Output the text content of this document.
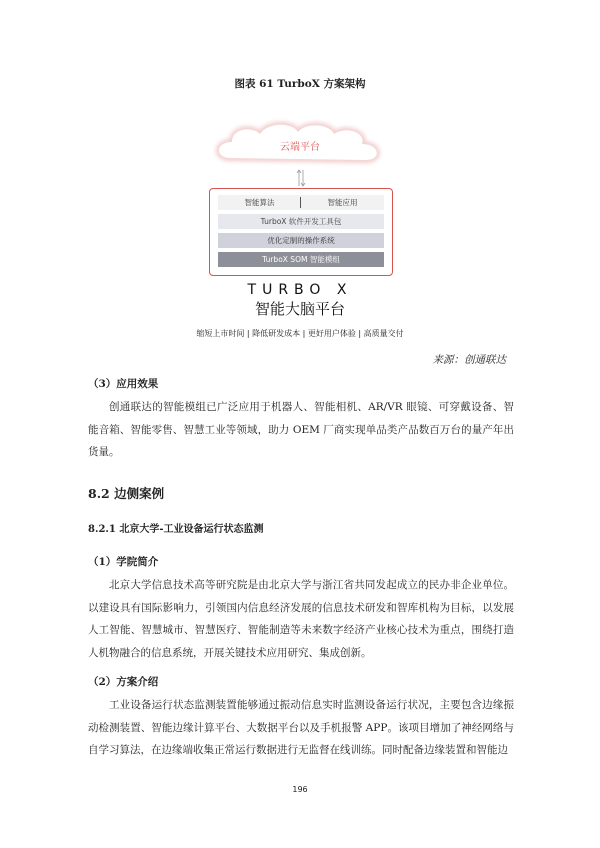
图表 61 TurboX 方案架构
云端平台
智能算法	智能应用
TurboX 软件开发工具包
优化定制的操作系统
TurboX SOM 智能模组
TURBO X
智能大脑平台
缩短上市时间 | 降低研发成本 | 更好用户体验 | 高质量交付
来源：创通联达
（3）应用效果
创通联达的智能模组已广泛应用于机器人、智能相机、AR/VR 眼镜、可穿戴设备、智能音箱、智能零售、智慧工业等领域，助力 OEM 厂商实现单品类产品数百万台的量产年出货量。
8.2 边侧案例
8.2.1 北京大学-工业设备运行状态监测
（1）学院简介
北京大学信息技术高等研究院是由北京大学与浙江省共同发起成立的民办非企业单位。以建设具有国际影响力，引领国内信息经济发展的信息技术研发和智库机构为目标，以发展人工智能、智慧城市、智慧医疗、智能制造等未来数字经济产业核心技术为重点，围绕打造人机物融合的信息系统，开展关键技术应用研究、集成创新。
（2）方案介绍
工业设备运行状态监测装置能够通过振动信息实时监测设备运行状况，主要包含边缘振动检测装置、智能边缘计算平台、大数据平台以及手机报警 APP。该项目增加了神经网络与自学习算法，在边缘端收集正常运行数据进行无监督在线训练。同时配备边缘装置和智能边
196
